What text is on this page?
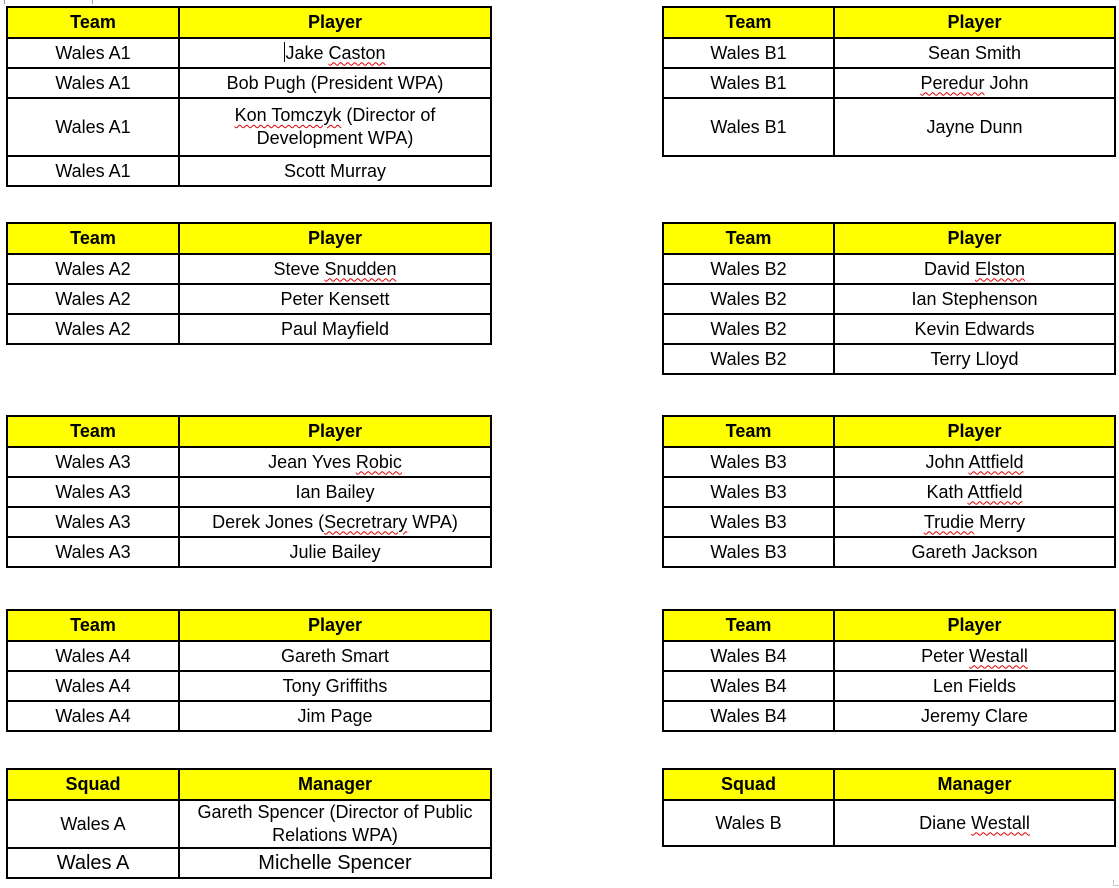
Team	Player
Wales A1	Jake Caston
Wales A1	Bob Pugh (President WPA)
Wales A1	Kon Tomczyk (Director of
Development WPA)
Wales A1	Scott Murray
Team	Player
Wales B1	Sean Smith
Wales B1	Peredur John
Wales B1	Jayne Dunn
Team	Player
Wales A2	Steve Snudden
Wales A2	Peter Kensett
Wales A2	Paul Mayfield
Team	Player
Wales B2	David Elston
Wales B2	Ian Stephenson
Wales B2	Kevin Edwards
Wales B2	Terry Lloyd
Team	Player
Wales A3	Jean Yves Robic
Wales A3	Ian Bailey
Wales A3	Derek Jones (Secretrary WPA)
Wales A3	Julie Bailey
Team	Player
Wales B3	John Attfield
Wales B3	Kath Attfield
Wales B3	Trudie Merry
Wales B3	Gareth Jackson
Team	Player
Wales A4	Gareth Smart
Wales A4	Tony Griffiths
Wales A4	Jim Page
Team	Player
Wales B4	Peter Westall
Wales B4	Len Fields
Wales B4	Jeremy Clare
Squad	Manager
Wales A	Gareth Spencer (Director of Public
Relations WPA)
Wales A	Michelle Spencer
Squad	Manager
Wales B	Diane Westall
